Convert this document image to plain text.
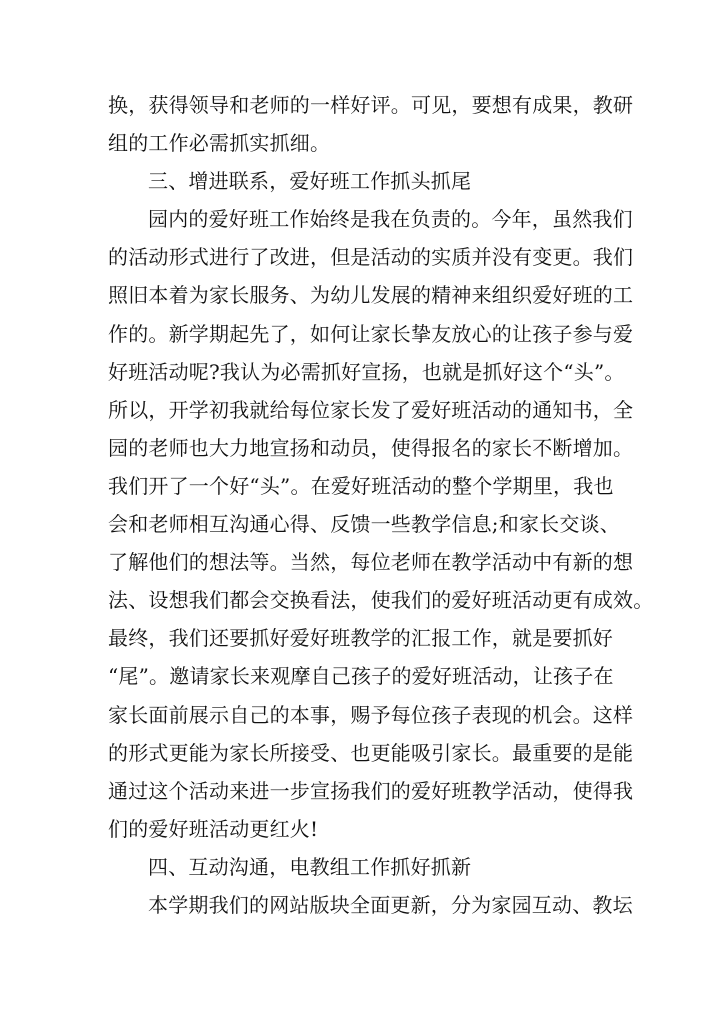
换，获得领导和老师的一样好评。可见，要想有成果，教研
组的工作必需抓实抓细。
三、增进联系，爱好班工作抓头抓尾
园内的爱好班工作始终是我在负责的。今年，虽然我们
的活动形式进行了改进，但是活动的实质并没有变更。我们
照旧本着为家长服务、为幼儿发展的精神来组织爱好班的工
作的。新学期起先了，如何让家长挚友放心的让孩子参与爱
好班活动呢?我认为必需抓好宣扬，也就是抓好这个“头”。
所以，开学初我就给每位家长发了爱好班活动的通知书，全
园的老师也大力地宣扬和动员，使得报名的家长不断增加。
我们开了一个好“头”。在爱好班活动的整个学期里，我也
会和老师相互沟通心得、反馈一些教学信息;和家长交谈、
了解他们的想法等。当然，每位老师在教学活动中有新的想
法、设想我们都会交换看法，使我们的爱好班活动更有成效。
最终，我们还要抓好爱好班教学的汇报工作，就是要抓好
“尾”。邀请家长来观摩自己孩子的爱好班活动，让孩子在
家长面前展示自己的本事，赐予每位孩子表现的机会。这样
的形式更能为家长所接受、也更能吸引家长。最重要的是能
通过这个活动来进一步宣扬我们的爱好班教学活动，使得我
们的爱好班活动更红火!
四、互动沟通，电教组工作抓好抓新
本学期我们的网站版块全面更新，分为家园互动、教坛
